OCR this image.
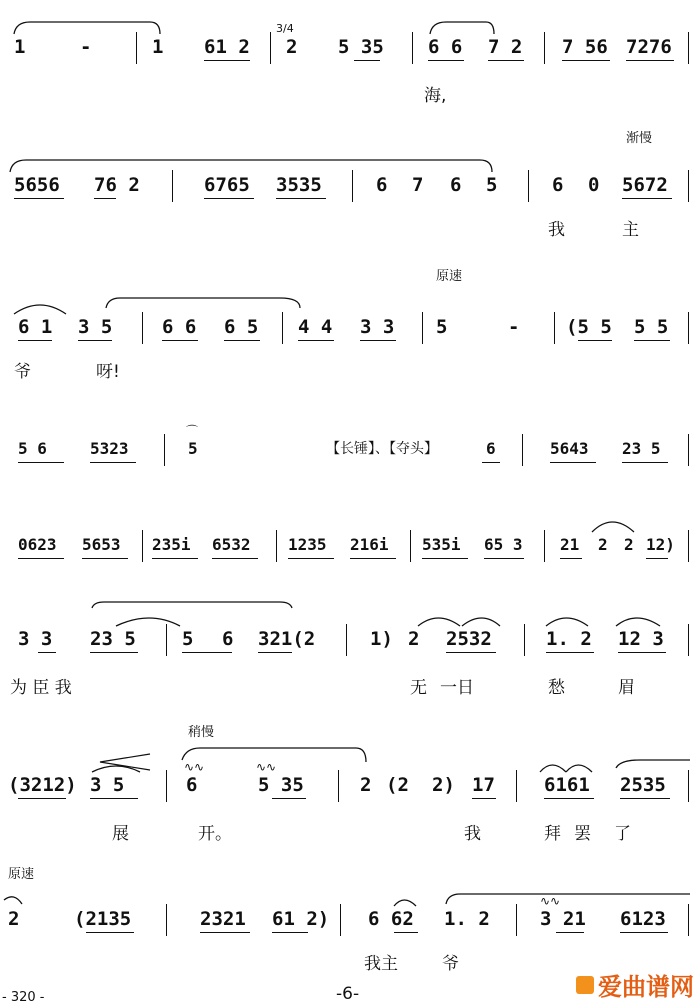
1	-	1 61 2
3/4
2 5 35 6 6 7 2 7 56 7276
海,
渐慢
5656 76 2	6765 3535	6 7 6 5	6 0 5672
我	主
原速
6 1 3 5	6 6 6 5 4 4 3 3 5	- (5 5 5 5
爷	呀!
5 6	5323
⌒
5	【长锤】、【夺头】	6	5643 23 5
0623 5653 235i 6532 1235 216i 535i 65 3 21 2 2 12)
3 3 23 5 5 6 321(2	1) 2 2532	1. 2 12 3
为 臣 我	无 一日	愁	眉
稍慢
(3212) 3 5
∿∿
6
∿∿
5 35	2 (2 2) 17	6161 2535
展	开。	我	拜 罢 了
原速
2	(2135	2321 61 2) 6 62 1. 2
∿∿
3 21 6123
我主	爷
- 320 -	-6-	爱曲谱网
